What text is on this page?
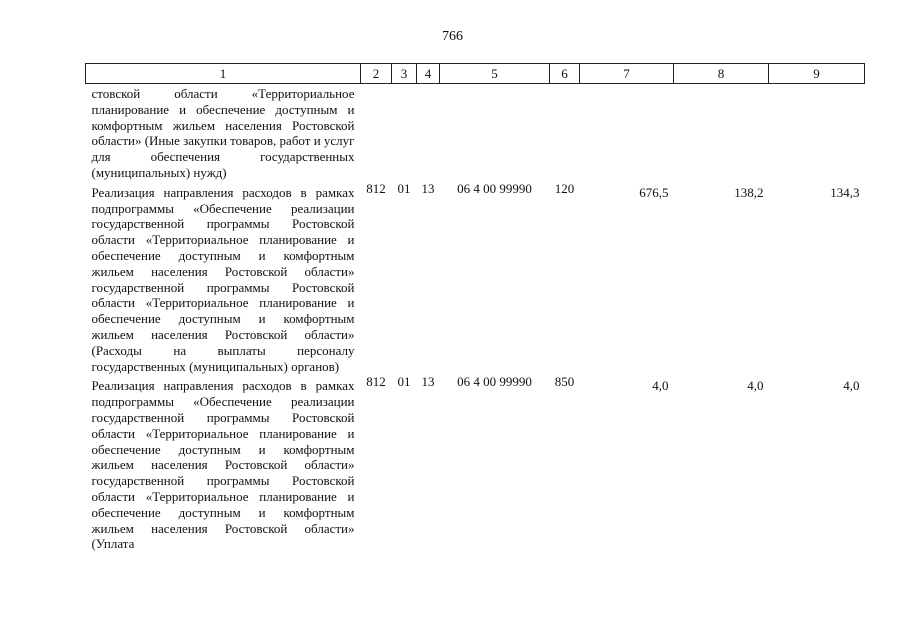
766
1	2	3	4	5	6	7	8	9
стовской области «Территориальное планирование и обеспечение доступным и комфортным жильем населения Ростовской области» (Иные закупки товаров, работ и услуг для обеспечения государственных (муниципальных) нужд)								
Реализация направления расходов в рамках подпрограммы «Обеспечение реализации государственной программы Ростовской области «Территориальное планирование и обеспечение доступным и комфортным жильем населения Ростовской области» государственной программы Ростовской области «Территориальное планирование и обеспечение доступным и комфортным жильем населения Ростовской области» (Расходы на выплаты персоналу государственных (муниципальных) органов)	812	01	13	06 4 00 99990	120	676,5	138,2	134,3
Реализация направления расходов в рамках подпрограммы «Обеспечение реализации государственной программы Ростовской области «Территориальное планирование и обеспечение доступным и комфортным жильем населения Ростовской области» государственной программы Ростовской области «Территориальное планирование и обеспечение доступным и комфортным жильем населения Ростовской области» (Уплата	812	01	13	06 4 00 99990	850	4,0	4,0	4,0
